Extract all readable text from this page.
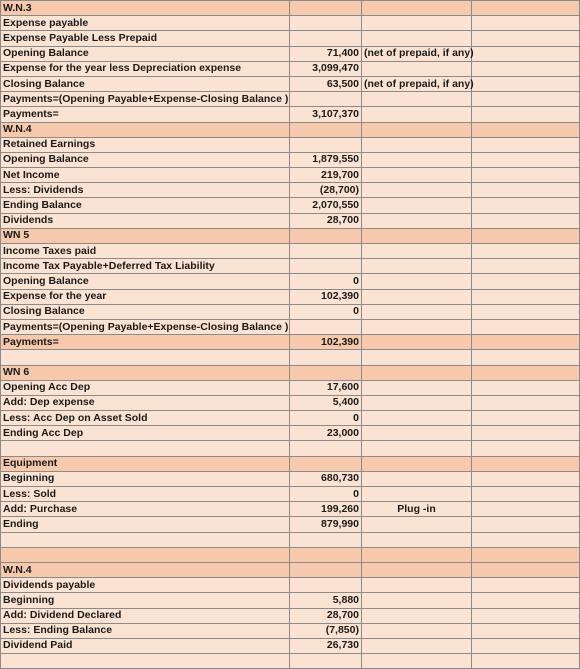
W.N.3			
Expense payable			
Expense Payable Less Prepaid			
Opening Balance	71,400	(net of prepaid, if any)	
Expense for the year less Depreciation expense	3,099,470		
Closing Balance	63,500	(net of prepaid, if any)	
Payments=(Opening Payable+Expense-Closing Balance )			
Payments=	3,107,370		
W.N.4			
Retained Earnings			
Opening Balance	1,879,550		
Net Income	219,700		
Less: Dividends	(28,700)		
Ending Balance	2,070,550		
Dividends	28,700		
WN 5			
Income Taxes paid			
Income Tax Payable+Deferred Tax Liability			
Opening Balance	0		
Expense for the year	102,390		
Closing Balance	0		
Payments=(Opening Payable+Expense-Closing Balance )			
Payments=	102,390		

WN 6			
Opening Acc Dep	17,600		
Add: Dep expense	5,400		
Less: Acc Dep on Asset Sold	0		
Ending Acc Dep	23,000		

Equipment			
Beginning	680,730		
Less: Sold	0		
Add: Purchase	199,260	Plug -in	
Ending	879,990		

W.N.4			
Dividends payable			
Beginning	5,880		
Add: Dividend Declared	28,700		
Less: Ending Balance	(7,850)		
Dividend Paid	26,730		
